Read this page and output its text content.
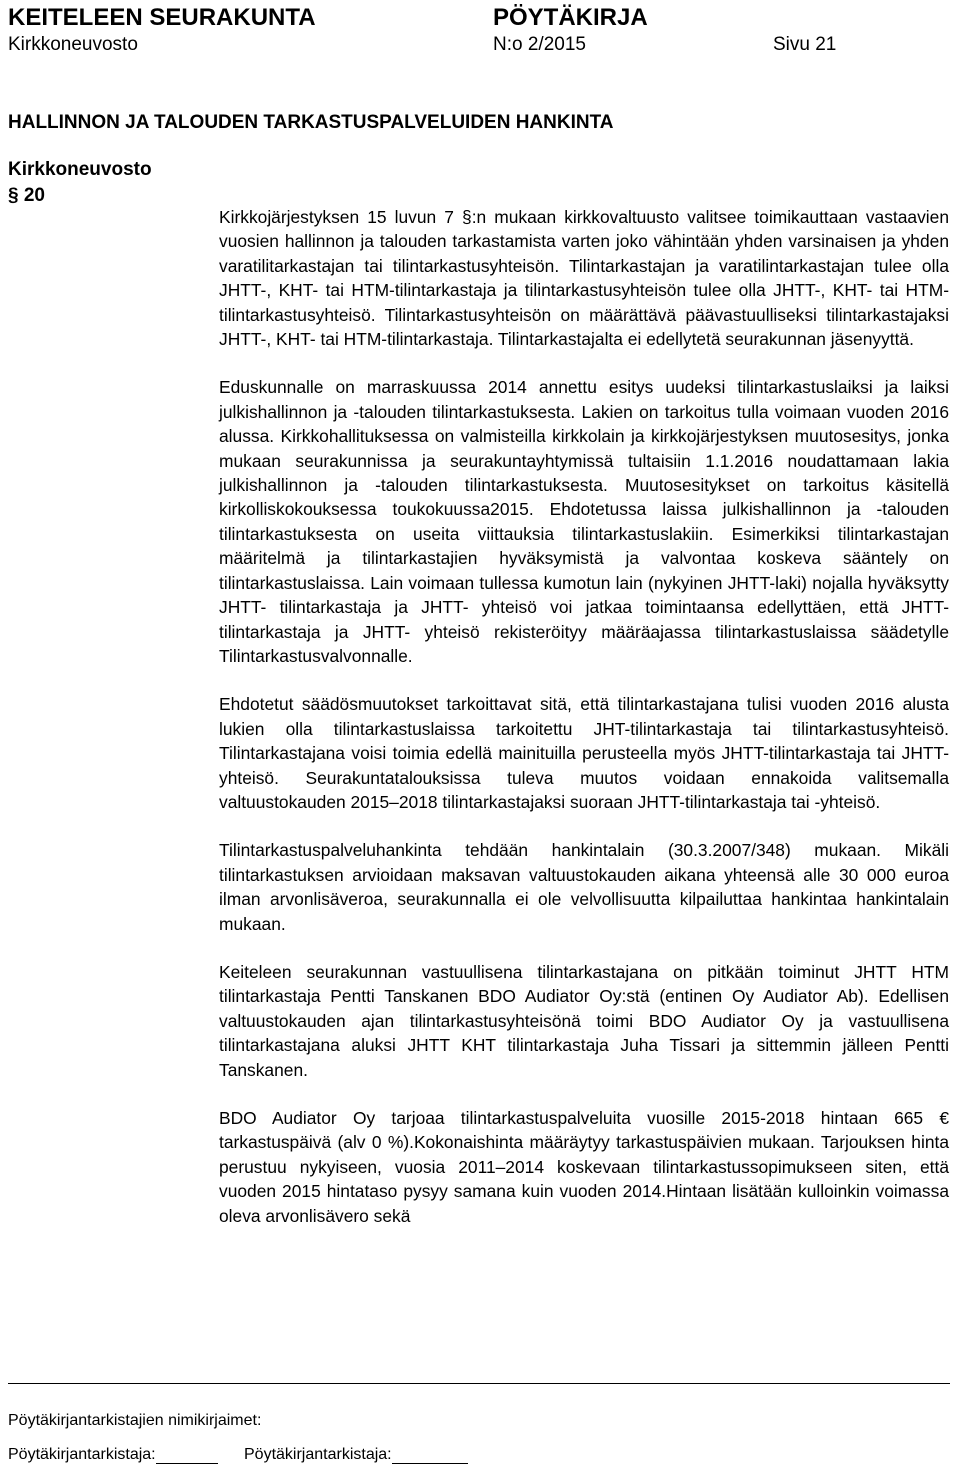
KEITELEEN SEURAKUNTA	PÖYTÄKIRJA
Kirkkoneuvosto	N:o 2/2015	Sivu 21
HALLINNON JA TALOUDEN TARKASTUSPALVELUIDEN HANKINTA
Kirkkoneuvosto
§ 20

Kirkkojärjestyksen 15 luvun 7 §:n mukaan kirkkovaltuusto valitsee toimikauttaan vastaavien vuosien hallinnon ja talouden tarkastamista varten joko vähintään yhden varsinaisen ja yhden varatilitarkastajan tai tilintarkastusyhteisön. Tilintarkastajan ja varatilintarkastajan tulee olla JHTT-, KHT- tai HTM-tilintarkastaja ja tilintarkastusyhteisön tulee olla JHTT-, KHT- tai HTM- tilintarkastusyhteisö. Tilintarkastusyhteisön on määrättävä päävastuulliseksi tilintarkastajaksi JHTT-, KHT- tai HTM-tilintarkastaja. Tilintarkastajalta ei edellytetä seurakunnan jäsenyyttä.

Eduskunnalle on marraskuussa 2014 annettu esitys uudeksi tilintarkastuslaiksi ja laiksi julkishallinnon ja -talouden tilintarkastuksesta. Lakien on tarkoitus tulla voimaan vuoden 2016 alussa. Kirkkohallituksessa on valmisteilla kirkkolain ja kirkkojärjestyksen muutosesitys, jonka mukaan seurakunnissa ja seurakuntayhtymissä tultaisiin 1.1.2016 noudattamaan lakia julkishallinnon ja -talouden tilintarkastuksesta. Muutosesitykset on tarkoitus käsitellä kirkolliskokouksessa toukokuussa2015. Ehdotetussa laissa julkishallinnon ja -talouden tilintarkastuksesta on useita viittauksia tilintarkastuslakiin. Esimerkiksi tilintarkastajan määritelmä ja tilintarkastajien hyväksymistä ja valvontaa koskeva sääntely on tilintarkastuslaissa. Lain voimaan tullessa kumotun lain (nykyinen JHTT-laki) nojalla hyväksytty JHTT- tilintarkastaja ja JHTT- yhteisö voi jatkaa toimintaansa edellyttäen, että JHTT- tilintarkastaja ja JHTT- yhteisö rekisteröityy määräajassa tilintarkastuslaissa säädetylle Tilintarkastusvalvonnalle.

Ehdotetut säädösmuutokset tarkoittavat sitä, että tilintarkastajana tulisi vuoden 2016 alusta lukien olla tilintarkastuslaissa tarkoitettu JHT-tilintarkastaja tai tilintarkastusyhteisö. Tilintarkastajana voisi toimia edellä mainituilla perusteella myös JHTT-tilintarkastaja tai JHTT-yhteisö. Seurakuntatalouksissa tuleva muutos voidaan ennakoida valitsemalla valtuustokauden 2015–2018 tilintarkastajaksi suoraan JHTT-tilintarkastaja tai -yhteisö.

Tilintarkastuspalveluhankinta tehdään hankintalain (30.3.2007/348) mukaan. Mikäli tilintarkastuksen arvioidaan maksavan valtuustokauden aikana yhteensä alle 30 000 euroa ilman arvonlisäveroa, seurakunnalla ei ole velvollisuutta kilpailuttaa hankintaa hankintalain mukaan.

Keiteleen seurakunnan vastuullisena tilintarkastajana on pitkään toiminut JHTT HTM tilintarkastaja Pentti Tanskanen BDO Audiator Oy:stä (entinen Oy Audiator Ab). Edellisen valtuustokauden ajan tilintarkastusyhteisönä toimi BDO Audiator Oy ja vastuullisena tilintarkastajana aluksi JHTT KHT tilintarkastaja Juha Tissari ja sittemmin jälleen Pentti Tanskanen.

BDO Audiator Oy tarjoaa tilintarkastuspalveluita vuosille 2015-2018 hintaan 665 € tarkastuspäivä (alv 0 %).Kokonaishinta määräytyy tarkastuspäivien mukaan. Tarjouksen hinta perustuu nykyiseen, vuosia 2011–2014 koskevaan tilintarkastussopimukseen siten, että vuoden 2015 hintataso pysyy samana kuin vuoden 2014.Hintaan lisätään kulloinkin voimassa oleva arvonlisävero sekä

Pöytäkirjantarkistajien nimikirjaimet:
Pöytäkirjantarkistaja:	Pöytäkirjantarkistaja:
